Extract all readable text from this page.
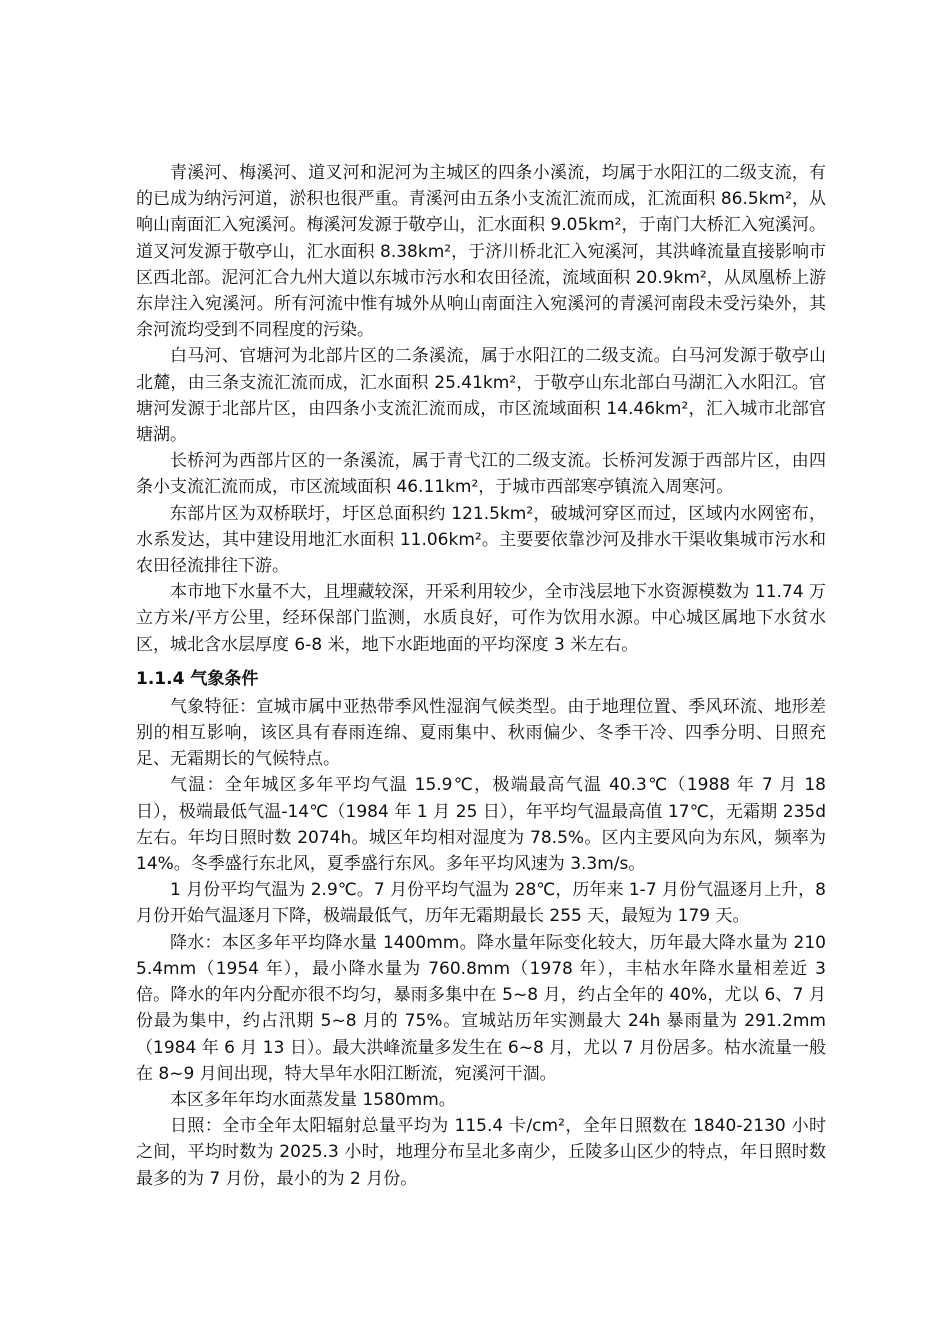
青溪河、梅溪河、道叉河和泥河为主城区的四条小溪流，均属于水阳江的二级支流，有的已成为纳污河道，淤积也很严重。青溪河由五条小支流汇流而成，汇流面积 86.5km²，从响山南面汇入宛溪河。梅溪河发源于敬亭山，汇水面积 9.05km²，于南门大桥汇入宛溪河。道叉河发源于敬亭山，汇水面积 8.38km²，于济川桥北汇入宛溪河，其洪峰流量直接影响市区西北部。泥河汇合九州大道以东城市污水和农田径流，流域面积 20.9km²，从凤凰桥上游东岸注入宛溪河。所有河流中惟有城外从响山南面注入宛溪河的青溪河南段未受污染外，其余河流均受到不同程度的污染。

白马河、官塘河为北部片区的二条溪流，属于水阳江的二级支流。白马河发源于敬亭山北麓，由三条支流汇流而成，汇水面积 25.41km²，于敬亭山东北部白马湖汇入水阳江。官塘河发源于北部片区，由四条小支流汇流而成，市区流域面积 14.46km²，汇入城市北部官塘湖。

长桥河为西部片区的一条溪流，属于青弋江的二级支流。长桥河发源于西部片区，由四条小支流汇流而成，市区流域面积 46.11km²，于城市西部寒亭镇流入周寒河。

东部片区为双桥联圩，圩区总面积约 121.5km²，破城河穿区而过，区域内水网密布，水系发达，其中建设用地汇水面积 11.06km²。主要要依靠沙河及排水干渠收集城市污水和农田径流排往下游。

本市地下水量不大，且埋藏较深，开采利用较少，全市浅层地下水资源模数为 11.74 万立方米/平方公里，经环保部门监测，水质良好，可作为饮用水源。中心城区属地下水贫水区，城北含水层厚度 6-8 米，地下水距地面的平均深度 3 米左右。

1.1.4 气象条件

气象特征：宣城市属中亚热带季风性湿润气候类型。由于地理位置、季风环流、地形差别的相互影响，该区具有春雨连绵、夏雨集中、秋雨偏少、冬季干冷、四季分明、日照充足、无霜期长的气候特点。

气温：全年城区多年平均气温 15.9℃，极端最高气温 40.3℃（1988 年 7 月 18 日），极端最低气温-14℃（1984 年 1 月 25 日），年平均气温最高值 17℃，无霜期 235d 左右。年均日照时数 2074h。城区年均相对湿度为 78.5%。区内主要风向为东风，频率为 14%。冬季盛行东北风，夏季盛行东风。多年平均风速为 3.3m/s。

1 月份平均气温为 2.9℃。7 月份平均气温为 28℃，历年来 1-7 月份气温逐月上升，8 月份开始气温逐月下降，极端最低气，历年无霜期最长 255 天，最短为 179 天。

降水：本区多年平均降水量 1400mm。降水量年际变化较大，历年最大降水量为 2105.4mm（1954 年），最小降水量为 760.8mm（1978 年），丰枯水年降水量相差近 3 倍。降水的年内分配亦很不均匀，暴雨多集中在 5~8 月，约占全年的 40%，尤以 6、7 月份最为集中，约占汛期 5~8 月的 75%。宣城站历年实测最大 24h 暴雨量为 291.2mm（1984 年 6 月 13 日）。最大洪峰流量多发生在 6~8 月，尤以 7 月份居多。枯水流量一般在 8~9 月间出现，特大旱年水阳江断流，宛溪河干涸。

本区多年年均水面蒸发量 1580mm。

日照：全市全年太阳辐射总量平均为 115.4 卡/cm²，全年日照数在 1840-2130 小时之间，平均时数为 2025.3 小时，地理分布呈北多南少，丘陵多山区少的特点，年日照时数最多的为 7 月份，最小的为 2 月份。
